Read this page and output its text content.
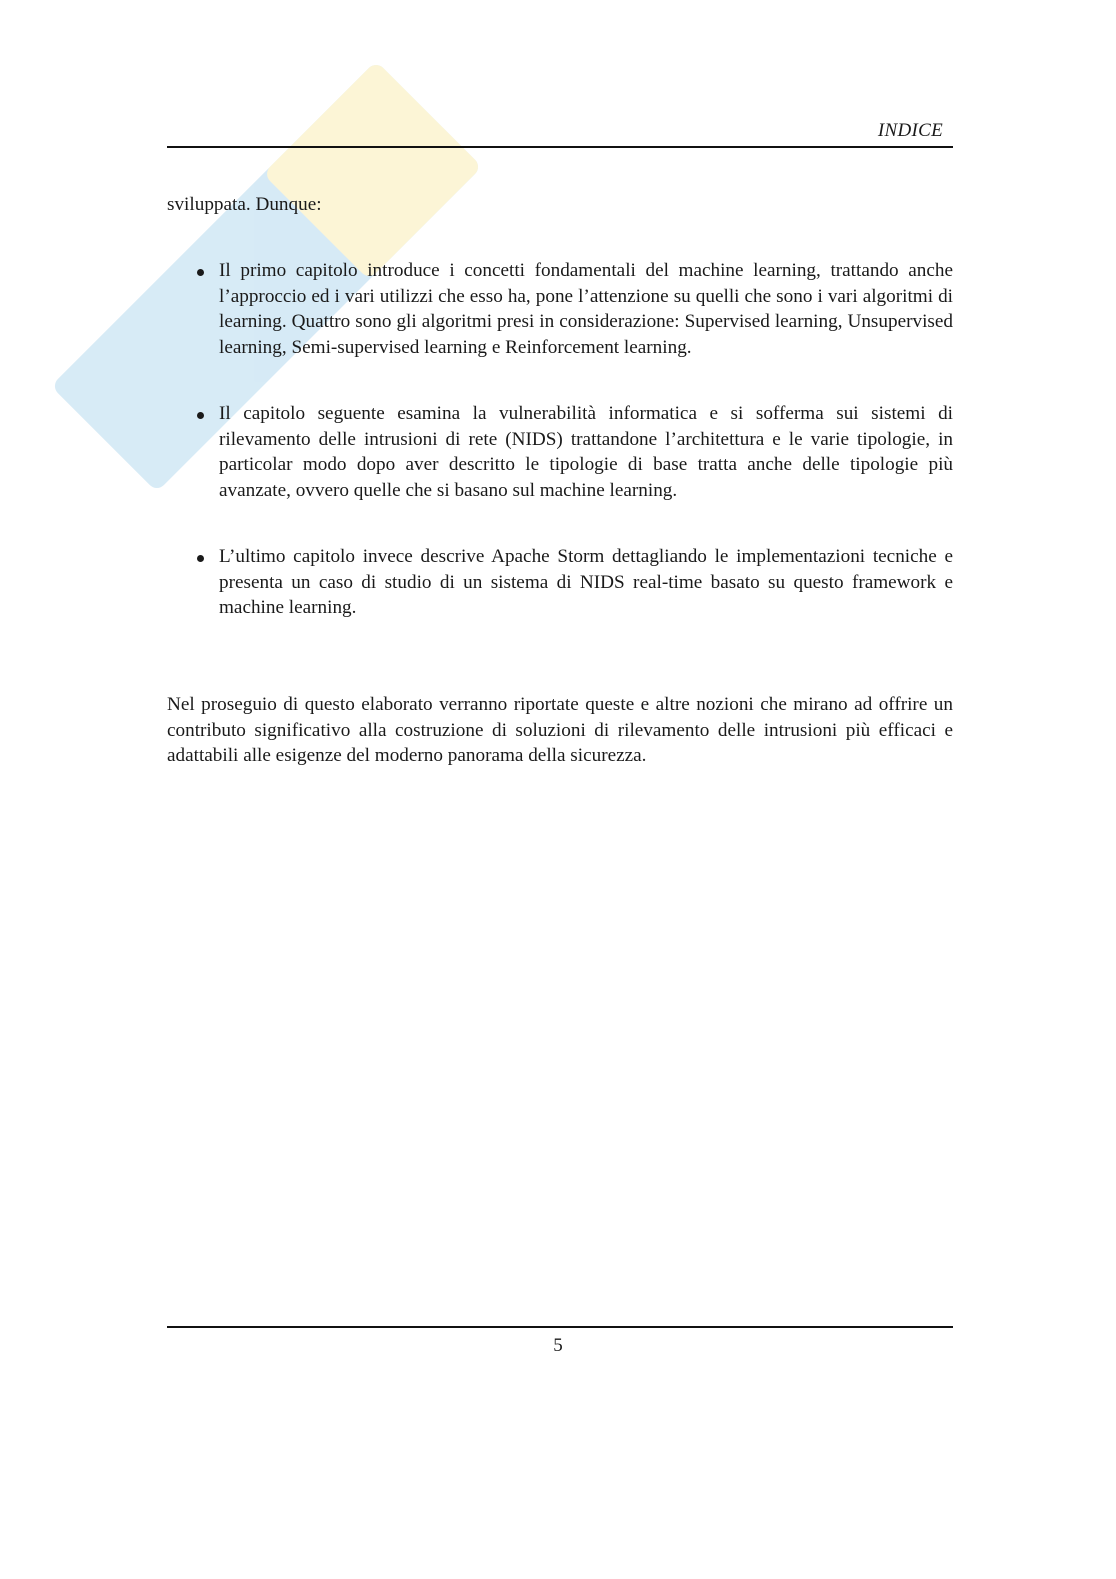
INDICE

sviluppata. Dunque:

Il primo capitolo introduce i concetti fondamentali del machine learning, trattando anche l’approccio ed i vari utilizzi che esso ha, pone l’attenzione su quelli che sono i vari algoritmi di learning. Quattro sono gli algoritmi presi in considerazione: Supervised learning, Unsupervised learning, Semi-supervised learning e Reinforcement learning.
Il capitolo seguente esamina la vulnerabilità informatica e si sofferma sui sistemi di rilevamento delle intrusioni di rete (NIDS) trattandone l’architettura e le varie tipologie, in particolar modo dopo aver descritto le tipologie di base tratta anche delle tipologie più avanzate, ovvero quelle che si basano sul machine learning.
L’ultimo capitolo invece descrive Apache Storm dettagliando le implementazioni tecniche e presenta un caso di studio di un sistema di NIDS real-time basato su questo framework e machine learning.

Nel proseguio di questo elaborato verranno riportate queste e altre nozioni che mirano ad offrire un contributo significativo alla costruzione di soluzioni di rilevamento delle intrusioni più efficaci e adattabili alle esigenze del moderno panorama della sicurezza.

5
